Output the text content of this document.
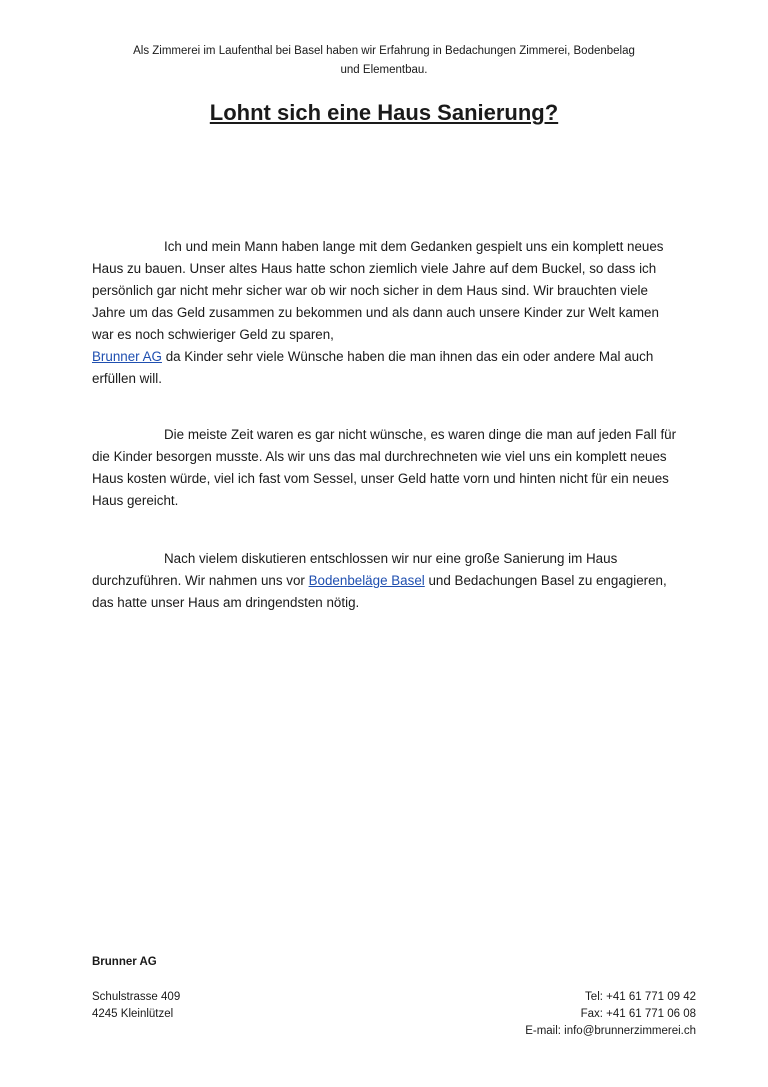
Als Zimmerei im Laufenthal bei Basel haben wir Erfahrung in Bedachungen Zimmerei, Bodenbelag
und Elementbau.
Lohnt sich eine Haus Sanierung?
Ich und mein Mann haben lange mit dem Gedanken gespielt uns ein komplett neues Haus zu bauen. Unser altes Haus hatte schon ziemlich viele Jahre auf dem Buckel, so dass ich persönlich gar nicht mehr sicher war ob wir noch sicher in dem Haus sind. Wir brauchten viele Jahre um das Geld zusammen zu bekommen und als dann auch unsere Kinder zur Welt kamen war es noch schwieriger Geld zu sparen,
Brunner AG da Kinder sehr viele Wünsche haben die man ihnen das ein oder andere Mal auch erfüllen will.
Die meiste Zeit waren es gar nicht wünsche, es waren dinge die man auf jeden Fall für die Kinder besorgen musste. Als wir uns das mal durchrechneten wie viel uns ein komplett neues Haus kosten würde, viel ich fast vom Sessel, unser Geld hatte vorn und hinten nicht für ein neues Haus gereicht.
Nach vielem diskutieren entschlossen wir nur eine große Sanierung im Haus durchzuführen. Wir nahmen uns vor Bodenbeläge Basel und Bedachungen Basel zu engagieren, das hatte unser Haus am dringendsten nötig.
Brunner AG
Schulstrasse 409
4245 Kleinlützel
Tel: +41 61 771 09 42
Fax: +41 61 771 06 08
E-mail: info@brunnerzimmerei.ch
